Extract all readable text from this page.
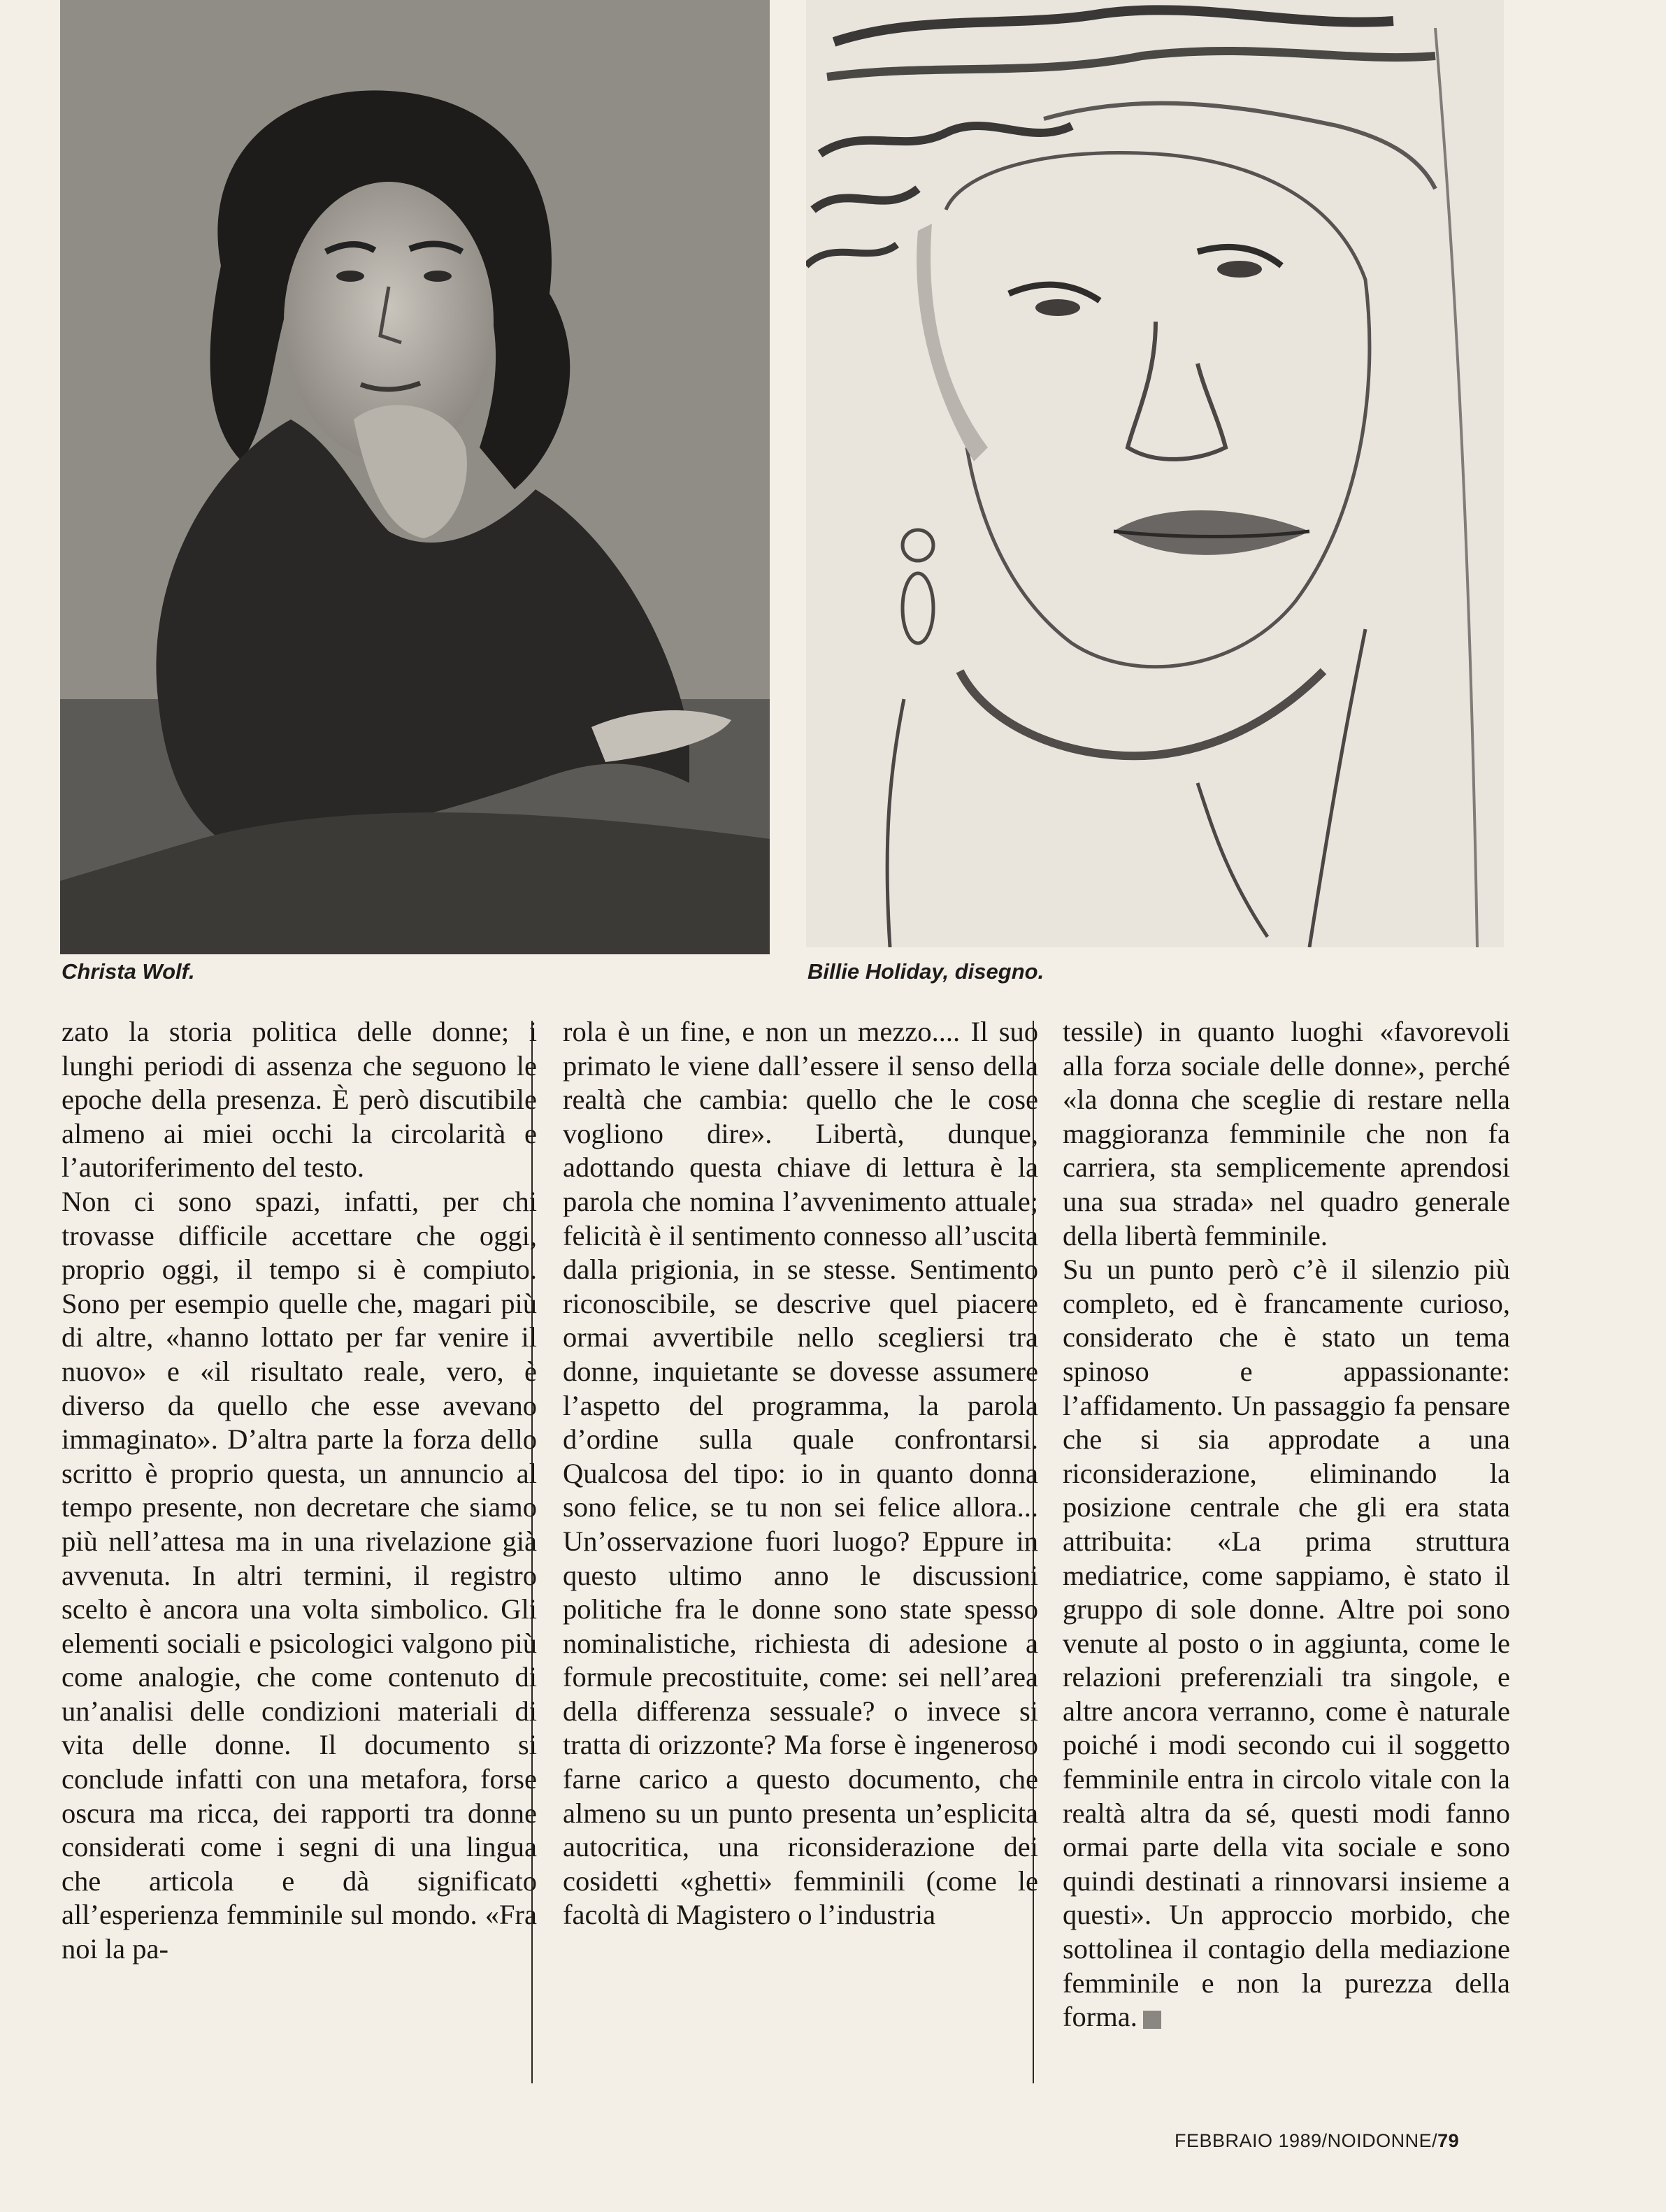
Christa Wolf.	Billie Holiday, disegno.

zato la storia politica delle donne; i lunghi periodi di assenza che seguono le epoche della presenza. È però discutibile almeno ai miei occhi la circolarità e l’autoriferimento del testo.

Non ci sono spazi, infatti, per chi trovasse difficile accettare che oggi, proprio oggi, il tempo si è compiuto. Sono per esempio quelle che, magari più di altre, «hanno lottato per far venire il nuovo» e «il risultato reale, vero, è diverso da quello che esse avevano immaginato». D’altra parte la forza dello scritto è proprio questa, un annuncio al tempo presente, non decretare che siamo più nell’attesa ma in una rivelazione già avvenuta. In altri termini, il registro scelto è ancora una volta simbolico. Gli elementi sociali e psicologici valgono più come analogie, che come contenuto di un’analisi delle condizioni materiali di vita delle donne. Il documento si conclude infatti con una metafora, forse oscura ma ricca, dei rapporti tra donne considerati come i segni di una lingua che articola e dà significato all’esperienza femminile sul mondo. «Fra noi la pa-

rola è un fine, e non un mezzo.... Il suo primato le viene dall’essere il senso della realtà che cambia: quello che le cose vogliono dire». Libertà, dunque, adottando questa chiave di lettura è la parola che nomina l’avvenimento attuale; felicità è il sentimento connesso all’uscita dalla prigionia, in se stesse. Sentimento riconoscibile, se descrive quel piacere ormai avvertibile nello scegliersi tra donne, inquietante se dovesse assumere l’aspetto del programma, la parola d’ordine sulla quale confrontarsi. Qualcosa del tipo: io in quanto donna sono felice, se tu non sei felice allora... Un’osservazione fuori luogo? Eppure in questo ultimo anno le discussioni politiche fra le donne sono state spesso nominalistiche, richiesta di adesione a formule precostituite, come: sei nell’area della differenza sessuale? o invece si tratta di orizzonte? Ma forse è ingeneroso farne carico a questo documento, che almeno su un punto presenta un’esplicita autocritica, una riconsiderazione dei cosidetti «ghetti» femminili (come le facoltà di Magistero o l’industria

tessile) in quanto luoghi «favorevoli alla forza sociale delle donne», perché «la donna che sceglie di restare nella maggioranza femminile che non fa carriera, sta semplicemente aprendosi una sua strada» nel quadro generale della libertà femminile.

Su un punto però c’è il silenzio più completo, ed è francamente curioso, considerato che è stato un tema spinoso e appassionante: l’affidamento. Un passaggio fa pensare che si sia approdate a una riconsiderazione, eliminando la posizione centrale che gli era stata attribuita: «La prima struttura mediatrice, come sappiamo, è stato il gruppo di sole donne. Altre poi sono venute al posto o in aggiunta, come le relazioni preferenziali tra singole, e altre ancora verranno, come è naturale poiché i modi secondo cui il soggetto femminile entra in circolo vitale con la realtà altra da sé, questi modi fanno ormai parte della vita sociale e sono quindi destinati a rinnovarsi insieme a questi». Un approccio morbido, che sottolinea il contagio della mediazione femminile e non la purezza della forma.

FEBBRAIO 1989/NOIDONNE/79
